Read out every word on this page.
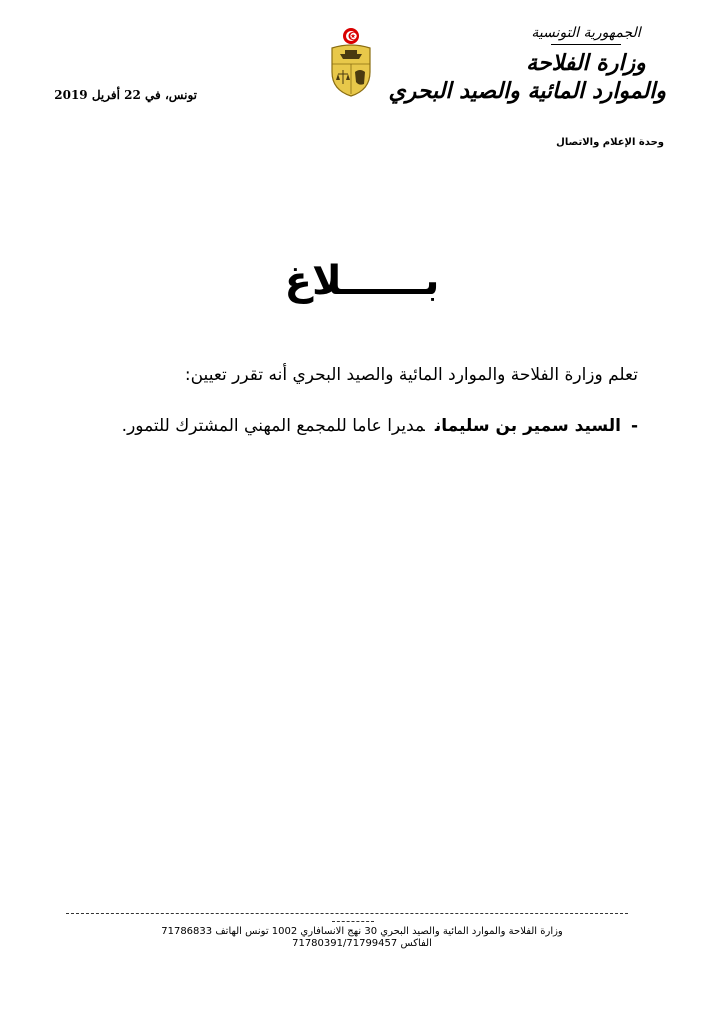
الجمهورية التونسية
وزارة الفلاحة
والموارد المائية والصيد البحري
وحدة الإعلام والاتصال
تونس، في 22 أفريل 2019
بــــــلاغ
تعلم وزارة الفلاحة والموارد المائية والصيد البحري أنه تقرر تعيين:
-السيد سمير بن سليمانمديرا عاما للمجمع المهني المشترك للتمور.
وزارة الفلاحة والموارد المائية والصيد البحري 30 نهج الانسافاري 1002 تونس الهاتف 71786833
الفاكس 71780391/71799457
